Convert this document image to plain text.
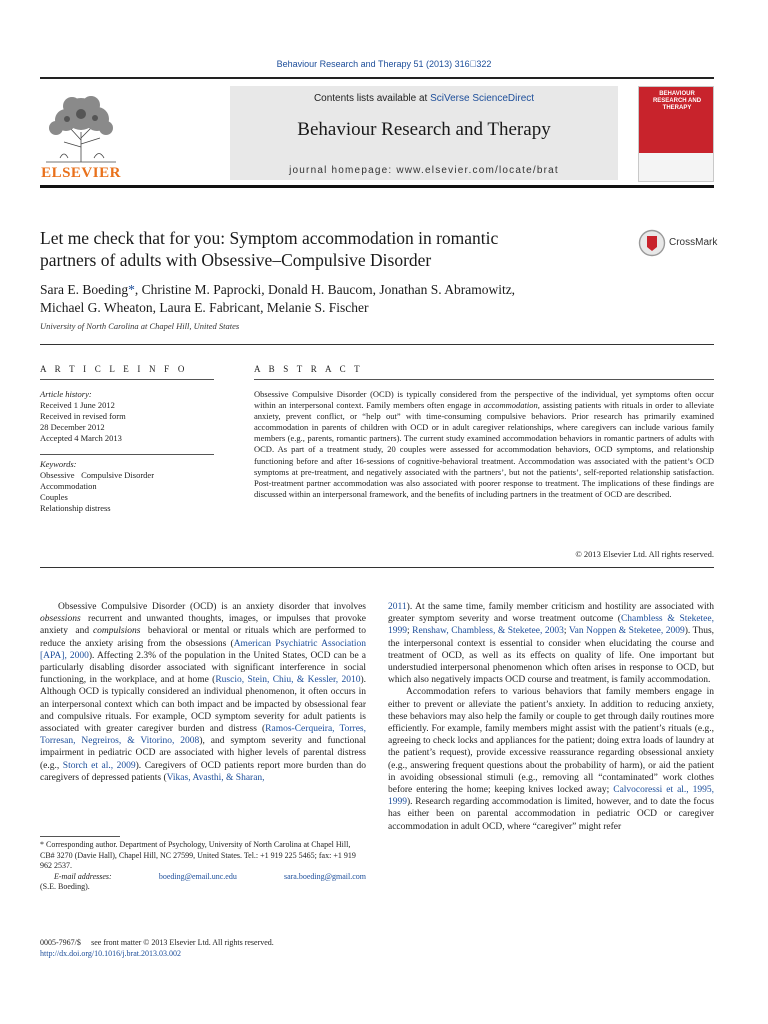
Behaviour Research and Therapy 51 (2013) 316 322
ELSEVIER
Contents lists available at SciVerse ScienceDirect
Behaviour Research and Therapy
journal homepage: www.elsevier.com/locate/brat
BEHAVIOUR RESEARCH AND THERAPY
Let me check that for you: Symptom accommodation in romantic
partners of adults with Obsessive–Compulsive Disorder
CrossMark
Sara E. Boeding*, Christine M. Paprocki, Donald H. Baucom, Jonathan S. Abramowitz,
Michael G. Wheaton, Laura E. Fabricant, Melanie S. Fischer
University of North Carolina at Chapel Hill, United States
A R T I C L E I N F O	A B S T R A C T
Article history:
Received 1 June 2012
Received in revised form
28 December 2012
Accepted 4 March 2013
Keywords:
Obsessive Compulsive Disorder
Accommodation
Couples
Relationship distress
Obsessive Compulsive Disorder (OCD) is typically considered from the perspective of the individual, yet symptoms often occur within an interpersonal context. Family members often engage in accommodation, assisting patients with rituals in order to alleviate anxiety, prevent conflict, or “help out” with time-consuming compulsive behaviors. Prior research has primarily examined accommodation in parents of children with OCD or in adult caregiver relationships, where caregivers can include various family members (e.g., parents, romantic partners). The current study examined accommodation behaviors in romantic partners of adults with OCD. As part of a treatment study, 20 couples were assessed for accommodation behaviors, OCD symptoms, and relationship functioning before and after 16-sessions of cognitive-behavioral treatment. Accommodation was associated with the patient’s OCD symptoms at pre-treatment, and negatively associated with the partners’, but not the patients’, self-reported relationship satisfaction. Post-treatment partner accommodation was also associated with poorer response to treatment. The implications of these findings are discussed within an interpersonal framework, and the benefits of including partners in the treatment of OCD are described.
© 2013 Elsevier Ltd. All rights reserved.

Obsessive Compulsive Disorder (OCD) is an anxiety disorder that involves obsessions recurrent and unwanted thoughts, images, or impulses that provoke anxiety and compulsions behavioral or mental or rituals which are performed to reduce the anxiety arising from the obsessions (American Psychiatric Association [APA], 2000). Affecting 2.3% of the population in the United States, OCD can be a particularly disabling disorder associated with significant interference in social functioning, in the workplace, and at home (Ruscio, Stein, Chiu, & Kessler, 2010). Although OCD is typically considered an individual phenomenon, it often occurs in an interpersonal context which can both impact and be impacted by obsessional fear and compulsive rituals. For example, OCD symptom severity for adult patients is associated with greater caregiver burden and distress (Ramos-Cerqueira, Torres, Torresan, Negreiros, & Vitorino, 2008), and symptom severity and functional impairment in pediatric OCD are associated with higher levels of parental distress (e.g., Storch et al., 2009). Caregivers of OCD patients report more burden than do caregivers of depressed patients (Vikas, Avasthi, & Sharan,

2011). At the same time, family member criticism and hostility are associated with greater symptom severity and worse treatment outcome (Chambless & Steketee, 1999; Renshaw, Chambless, & Steketee, 2003; Van Noppen & Steketee, 2009). Thus, the interpersonal context is essential to consider when elucidating the course and treatment of OCD, as well as its effects on quality of life. One important but understudied interpersonal phenomenon which often arises in response to OCD, but which also negatively impacts OCD course and treatment, is family accommodation.

Accommodation refers to various behaviors that family members engage in either to prevent or alleviate the patient’s anxiety. In addition to reducing anxiety, these behaviors may also help the family or couple to get through daily routines more efficiently. For example, family members might assist with the patient’s rituals (e.g., agreeing to check locks and appliances for the patient; doing extra loads of laundry at the patient’s request), provide excessive reassurance regarding obsessional anxiety (e.g., answering frequent questions about the probability of harm), or aid the patient in avoiding obsessional stimuli (e.g., removing all “contaminated” work clothes before entering the home; keeping knives locked away; Calvocoressi et al., 1995, 1999). Research regarding accommodation is limited, however, and to date the focus has either been on parental accommodation in pediatric OCD or caregiver accommodation in adult OCD, where “caregiver” might refer

* Corresponding author. Department of Psychology, University of North Carolina at Chapel Hill, CB# 3270 (Davie Hall), Chapel Hill, NC 27599, United States. Tel.: +1 919 225 5465; fax: +1 919 962 2537.
E-mail addresses:	boeding@email.unc.edu	sara.boeding@gmail.com
(S.E. Boeding).
0005-7967/$   see front matter © 2013 Elsevier Ltd. All rights reserved.
http://dx.doi.org/10.1016/j.brat.2013.03.002
